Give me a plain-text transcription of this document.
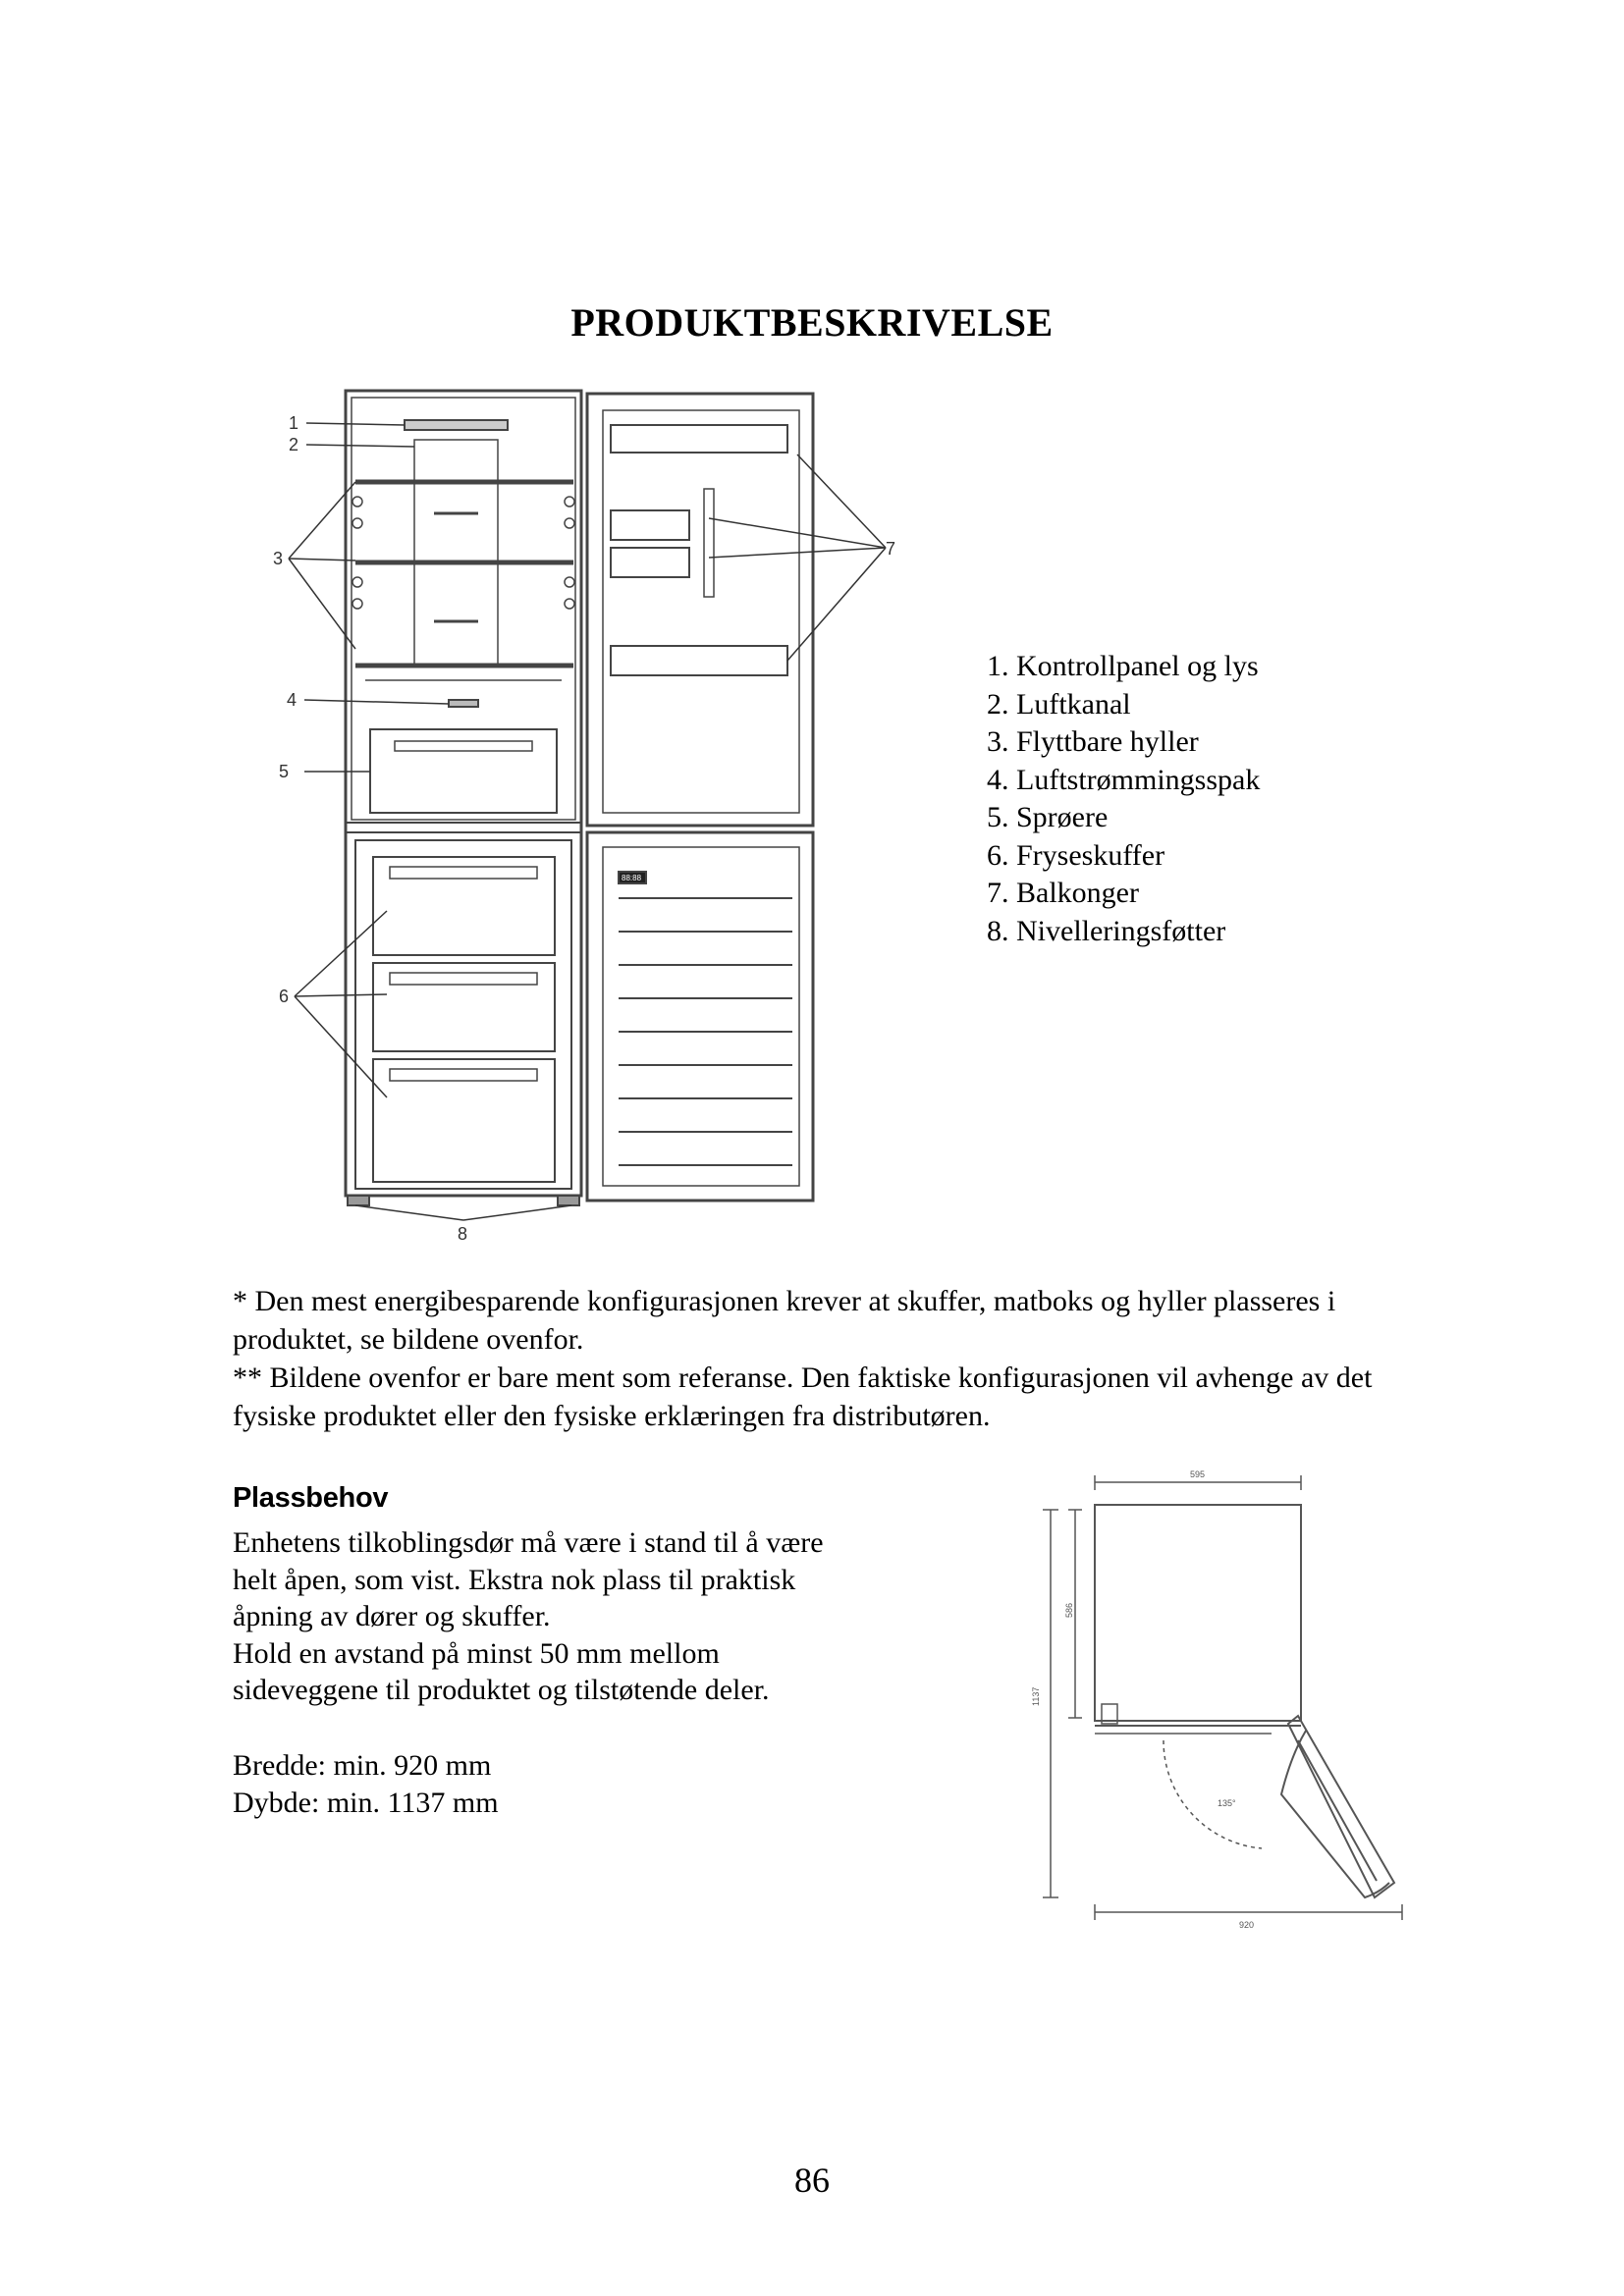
PRODUKTBESKRIVELSE
88:88
1
2
3
4
5
6
7
8
1. Kontrollpanel og lys
2. Luftkanal
3. Flyttbare hyller
4. Luftstrømmingsspak
5. Sprøere
6. Fryseskuffer
7. Balkonger
8. Nivelleringsføtter

* Den mest energibesparende konfigurasjonen krever at skuffer, matboks og hyller plasseres i produktet, se bildene ovenfor.

** Bildene ovenfor er bare ment som referanse. Den faktiske konfigurasjonen vil avhenge av det fysiske produktet eller den fysiske erklæringen fra distributøren.

Plassbehov

Enhetens tilkoblingsdør må være i stand til å være

helt åpen, som vist. Ekstra nok plass til praktisk

åpning av dører og skuffer.

Hold en avstand på minst 50 mm mellom

sideveggene til produktet og tilstøtende deler.

Bredde: min. 920 mm
Dybde: min. 1137 mm
595
1137
586
920
135°
86
